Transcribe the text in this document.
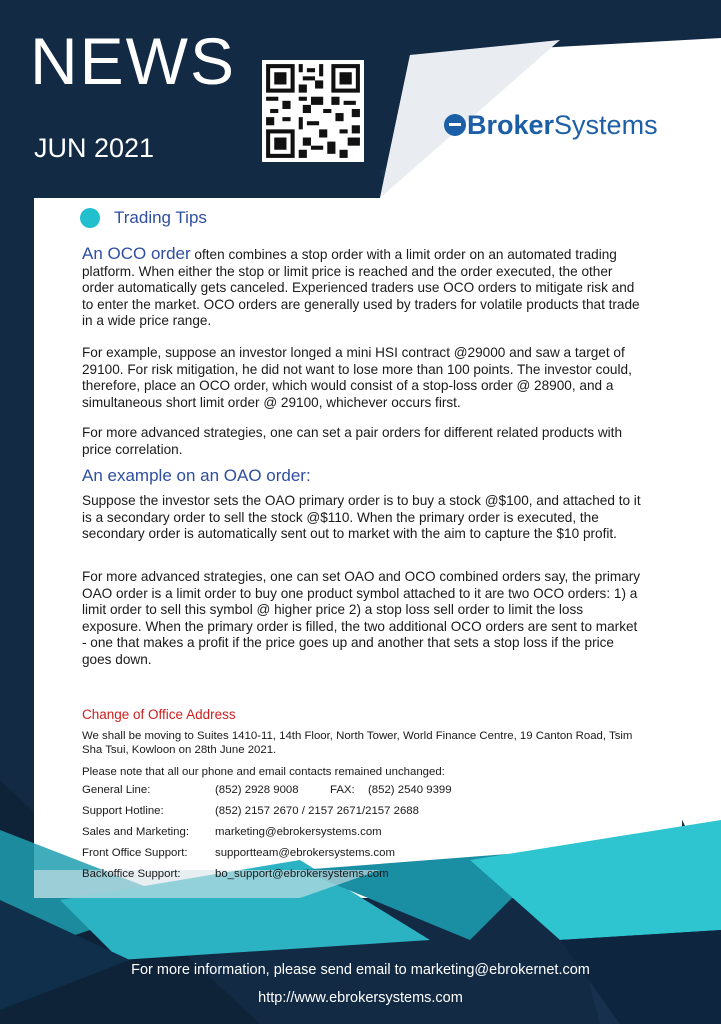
NEWS
JUN 2021
Broker Systems
Trading Tips
An OCO order often combines a stop order with a limit order on an automated trading platform. When either the stop or limit price is reached and the order executed, the other order automatically gets canceled. Experienced traders use OCO orders to mitigate risk and to enter the market. OCO orders are generally used by traders for volatile products that trade in a wide price range.
For example, suppose an investor longed a mini HSI contract @29000 and saw a target of 29100. For risk mitigation, he did not want to lose more than 100 points. The investor could, therefore, place an OCO order, which would consist of a stop-loss order @ 28900, and a simultaneous short limit order @ 29100, whichever occurs first.
For more advanced strategies, one can set a pair orders for different related products with price correlation.
An example on an OAO order:
Suppose the investor sets the OAO primary order is to buy a stock @$100, and attached to it is a secondary order to sell the stock @$110. When the primary order is executed, the secondary order is automatically sent out to market with the aim to capture the $10 profit.
For more advanced strategies, one can set OAO and OCO combined orders say, the primary OAO order is a limit order to buy one product symbol attached to it are two OCO orders: 1) a limit order to sell this symbol @ higher price 2) a stop loss sell order to limit the loss exposure. When the primary order is filled, the two additional OCO orders are sent to market - one that makes a profit if the price goes up and another that sets a stop loss if the price goes down.
Change of Office Address
We shall be moving to Suites 1410-11, 14th Floor, North Tower, World Finance Centre, 19 Canton Road, Tsim Sha Tsui, Kowloon on 28th June 2021.
Please note that all our phone and email contacts remained unchanged:
General Line:	(852) 2928 9008	FAX: (852) 2540 9399
Support Hotline:	(852) 2157 2670 / 2157 2671/2157 2688
Sales and Marketing: marketing@ebrokersystems.com
Front Office Support: supportteam@ebrokersystems.com
Backoffice Support:	bo_support@ebrokersystems.com
For more information, please send email to marketing@ebrokernet.com
http://www.ebrokersystems.com
